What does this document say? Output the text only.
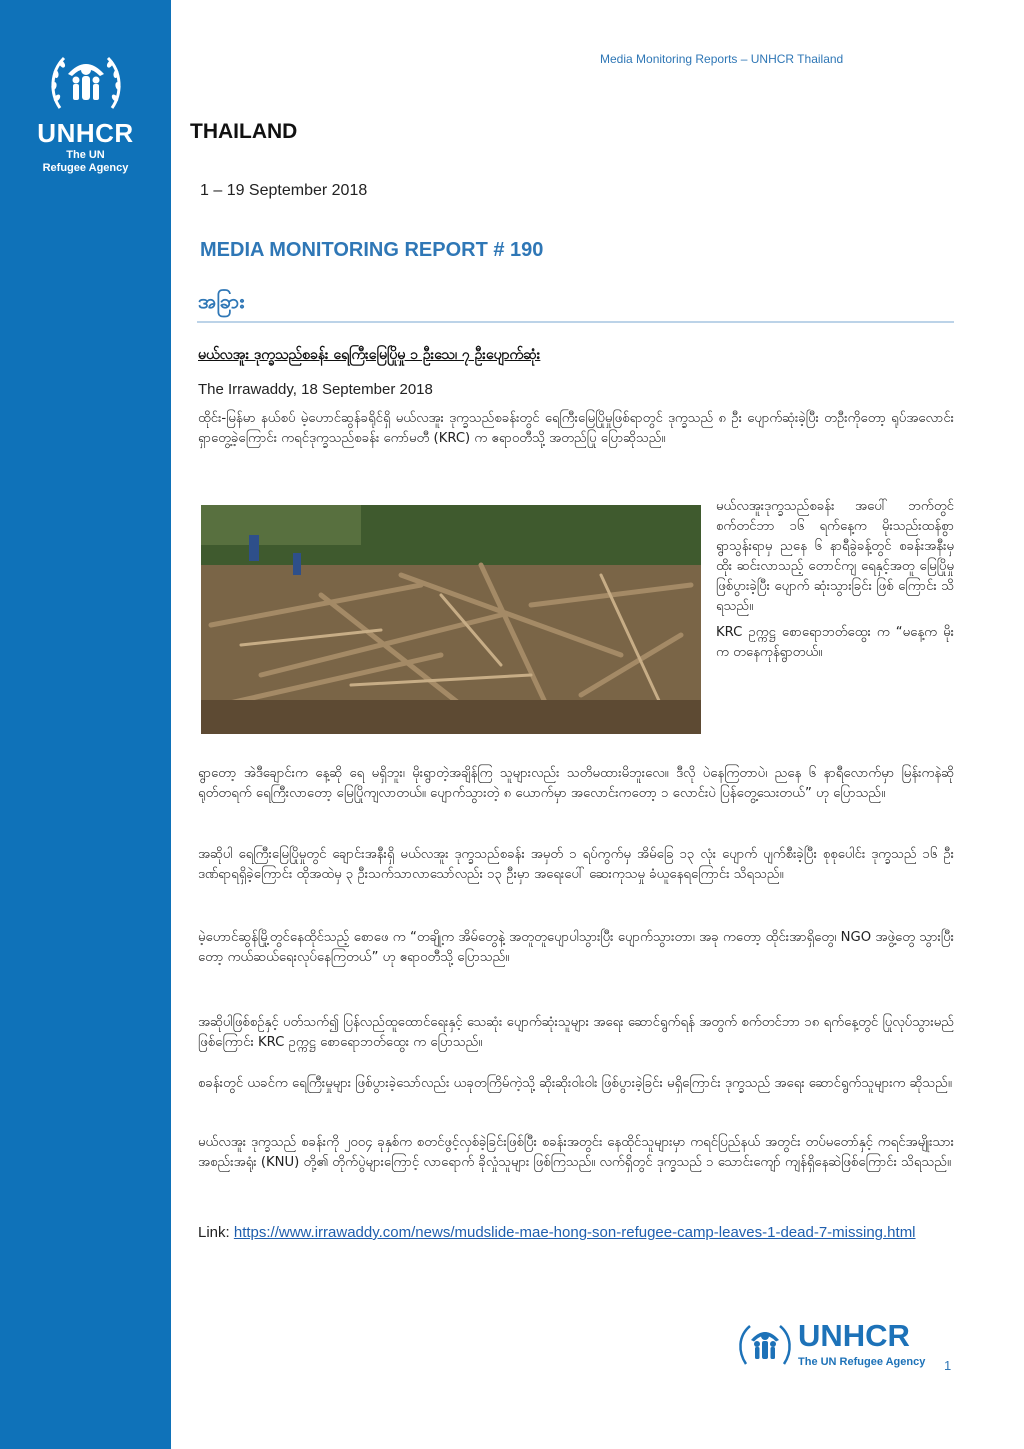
UNHCR
The UN
Refugee Agency
Media Monitoring Reports – UNHCR Thailand
THAILAND
1 – 19 September 2018
MEDIA MONITORING REPORT # 190
အခြား
မယ်လအူး ဒုက္ခသည်စခန်း ရေကြီးမြေပြိုမှု ၁ ဦးသေ၊ ၇ ဦးပျောက်ဆုံး
The Irrawaddy, 18 September 2018
ထိုင်း-မြန်မာ နယ်စပ် မဲ့ဟောင်ဆွန်ခရိုင်ရှိ မယ်လအူး ဒုက္ခသည်စခန်းတွင် ရေကြီးမြေပြိုမှုဖြစ်ရာတွင် ဒုက္ခသည် ၈ ဦး ပျောက်ဆုံးခဲ့ပြီး တဦးကိုတော့ ရုပ်အလောင်း ရှာတွေ့ခဲ့ကြောင်း ကရင်ဒုက္ခသည်စခန်း ကော်မတီ (KRC) က ဧရာဝတီသို့ အတည်ပြု ပြောဆိုသည်။
မယ်လအူးဒုက္ခသည်စခန်း အပေါ် ဘက်တွင် စက်တင်ဘာ ၁၆ ရက်နေ့က မိုးသည်းထန်စွာ ရွာသွန်းရာမှ ညနေ ၆ နာရီခွဲခန့်တွင် စခန်းအနီးမှ ထိုး ဆင်းလာသည့် တောင်ကျ ရေနှင့်အတူ မြေပြိုမှုဖြစ်ပွားခဲ့ပြီး ပျောက် ဆုံးသွားခြင်း ဖြစ် ကြောင်း သိရသည်။
KRC ဥက္ကဋ္ဌ စောရောဘတ်ထွေး က “မနေ့က မိုးက တနေကုန်ရွာတယ်။
ရွာတော့ အဲဒီချောင်းက နေ့ဆို ရေ မရှိဘူး၊ မိုးရွာတဲ့အချိန်ကြ သူများလည်း သတိမထားမိဘူးလေ။ ဒီလို ပဲနေကြတာပဲ၊ ညနေ ၆ နာရီလောက်မှာ မြန်းကနဲဆို ရုတ်တရက် ရေကြီးလာတော့ မြေပြိုကျလာတယ်။ ပျောက်သွားတဲ့ ၈ ယောက်မှာ အလောင်းကတော့ ၁ လောင်းပဲ ပြန်တွေ့သေးတယ်” ဟု ပြောသည်။
အဆိုပါ ရေကြီးမြေပြိုမှုတွင် ချောင်းအနီးရှိ မယ်လအူး ဒုက္ခသည်စခန်း အမှတ် ၁ ရပ်ကွက်မှ အိမ်ခြေ ၁၃ လုံး ပျောက် ပျက်စီးခဲ့ပြီး စုစုပေါင်း ဒုက္ခသည် ၁၆ ဦး ဒဏ်ရာရရှိခဲ့ကြောင်း ထိုအထဲမှ ၃ ဦးသက်သာလာသော်လည်း ၁၃ ဦးမှာ အရေးပေါ် ဆေးကုသမှု ခံယူနေရကြောင်း သိရသည်။
မဲ့ဟောင်ဆွန်မြို့တွင်နေထိုင်သည့် စောဖေ က “တချို့က အိမ်တွေနဲ့ အတူတူပျောပါသွားပြီး ပျောက်သွားတာ၊ အခု ကတော့ ထိုင်းအာရှိတွေ၊ NGO အဖွဲ့တွေ သွားပြီးတော့ ကယ်ဆယ်ရေးလုပ်နေကြတယ်” ဟု ဧရာဝတီသို့ ပြောသည်။
အဆိုပါဖြစ်စဉ်နှင့် ပတ်သက်၍ ပြန်လည်ထူထောင်ရေးနှင့် သေဆုံး ပျောက်ဆုံးသူများ အရေး ဆောင်ရွက်ရန် အတွက် စက်တင်ဘာ ၁၈ ရက်နေ့တွင် ပြုလုပ်သွားမည်ဖြစ်ကြောင်း KRC ဥက္ကဋ္ဌ စောရောဘတ်ထွေး က ပြောသည်။
စခန်းတွင် ယခင်က ရေကြီးမှုများ ဖြစ်ပွားခဲ့သော်လည်း ယခုတကြိမ်ကဲ့သို့ ဆိုးဆိုးဝါးဝါး ဖြစ်ပွားခဲ့ခြင်း မရှိကြောင်း ဒုက္ခသည် အရေး ဆောင်ရွက်သူများက ဆိုသည်။
မယ်လအူး ဒုက္ခသည် စခန်းကို ၂၀၀၄ ခုနှစ်က စတင်ဖွင့်လှစ်ခဲ့ခြင်းဖြစ်ပြီး စခန်းအတွင်း နေထိုင်သူများမှာ ကရင်ပြည်နယ် အတွင်း တပ်မတော်နှင့် ကရင်အမျိုးသား အစည်းအရုံး (KNU) တို့၏ တိုက်ပွဲများကြောင့် လာရောက် ခိုလှုံသူများ ဖြစ်ကြသည်။ လက်ရှိတွင် ဒုက္ခသည် ၁ သောင်းကျော် ကျန်ရှိနေဆဲဖြစ်ကြောင်း သိရသည်။
Link: https://www.irrawaddy.com/news/mudslide-mae-hong-son-refugee-camp-leaves-1-dead-7-missing.html
UNHCR
The UN Refugee Agency 1
